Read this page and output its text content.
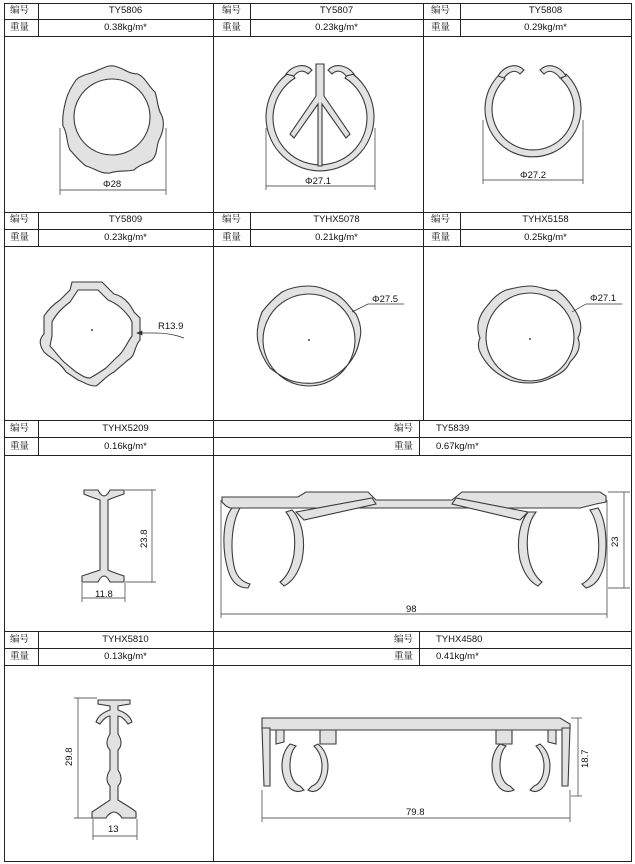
编号
重量
TY5806
0.38kg/m*
编号
重量
TY5807
0.23kg/m*
编号
重量
TY5808
0.29kg/m*
编号
重量
TY5809
0.23kg/m*
编号
重量
TYHX5078
0.21kg/m*
编号
重量
TYHX5158
0.25kg/m*
编号
重量
TYHX5209
0.16kg/m*
编号
重量
TY5839
0.67kg/m*
编号
重量
TYHX5810
0.13kg/m*
编号
重量
TYHX4580
0.41kg/m*
Φ28	Φ27.1
Φ27.2
R13.9
Φ27.5	Φ27.1
23.8
11.8
23
98
29.8
13
18.7
79.8
